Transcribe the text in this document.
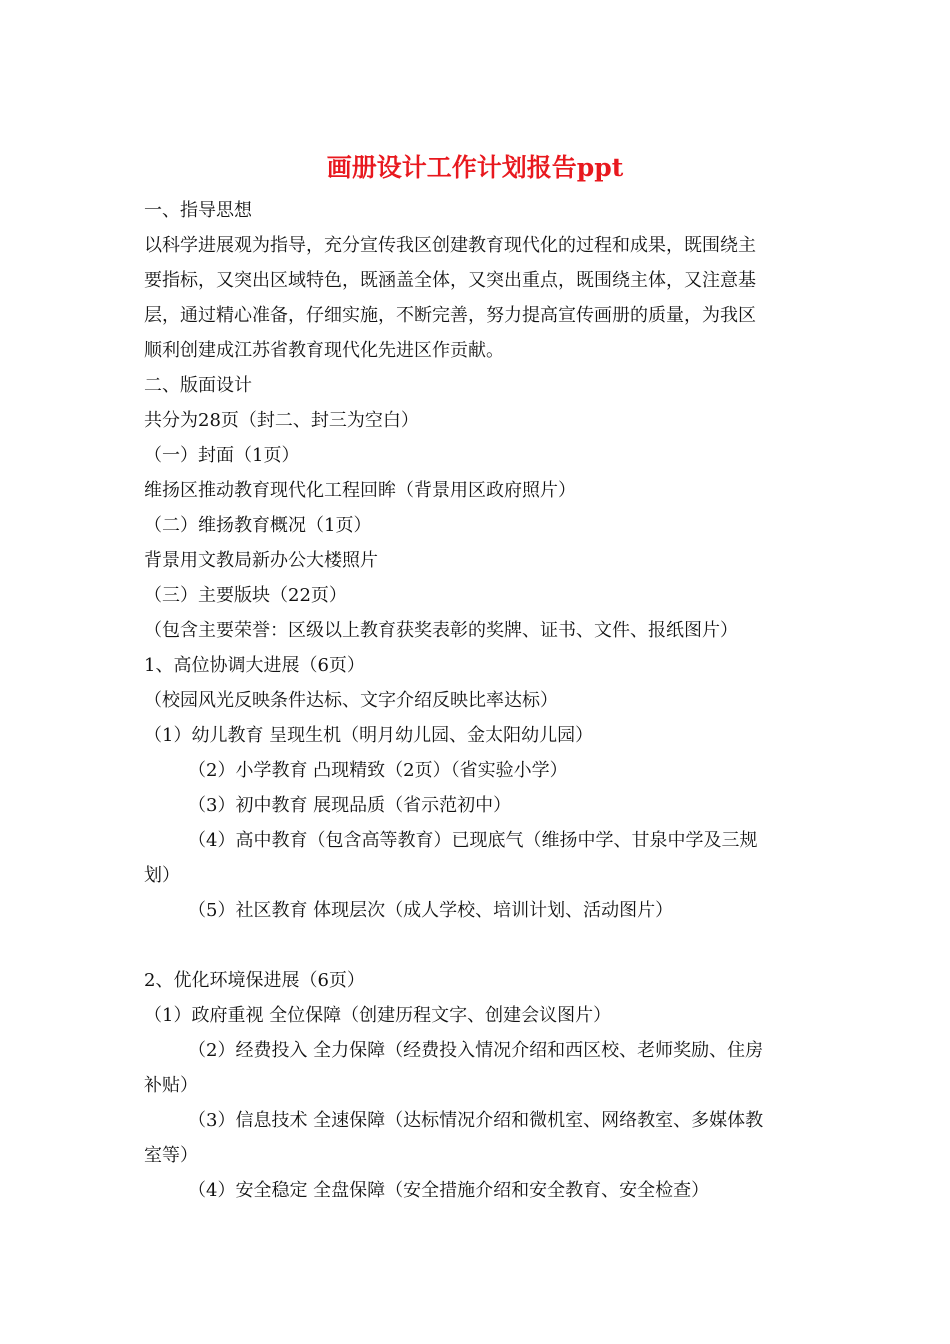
画册设计工作计划报告ppt
一、指导思想
以科学进展观为指导，充分宣传我区创建教育现代化的过程和成果，既围绕主
要指标，又突出区域特色，既涵盖全体，又突出重点，既围绕主体，又注意基
层，通过精心准备，仔细实施，不断完善，努力提高宣传画册的质量，为我区
顺利创建成江苏省教育现代化先进区作贡献。
二、版面设计
共分为28页（封二、封三为空白）
（一）封面（1页）
维扬区推动教育现代化工程回眸（背景用区政府照片）
（二）维扬教育概况（1页）
背景用文教局新办公大楼照片
（三）主要版块（22页）
（包含主要荣誉：区级以上教育获奖表彰的奖牌、证书、文件、报纸图片）
1、高位协调大进展（6页）
（校园风光反映条件达标、文字介绍反映比率达标）
（1）幼儿教育 呈现生机（明月幼儿园、金太阳幼儿园）
（2）小学教育 凸现精致（2页）（省实验小学）
（3）初中教育 展现品质（省示范初中）
（4）高中教育（包含高等教育）已现底气（维扬中学、甘泉中学及三规
划）
（5）社区教育 体现层次（成人学校、培训计划、活动图片）
2、优化环境保进展（6页）
（1）政府重视 全位保障（创建历程文字、创建会议图片）
（2）经费投入 全力保障（经费投入情况介绍和西区校、老师奖励、住房
补贴）
（3）信息技术 全速保障（达标情况介绍和微机室、网络教室、多媒体教
室等）
（4）安全稳定 全盘保障（安全措施介绍和安全教育、安全检查）
